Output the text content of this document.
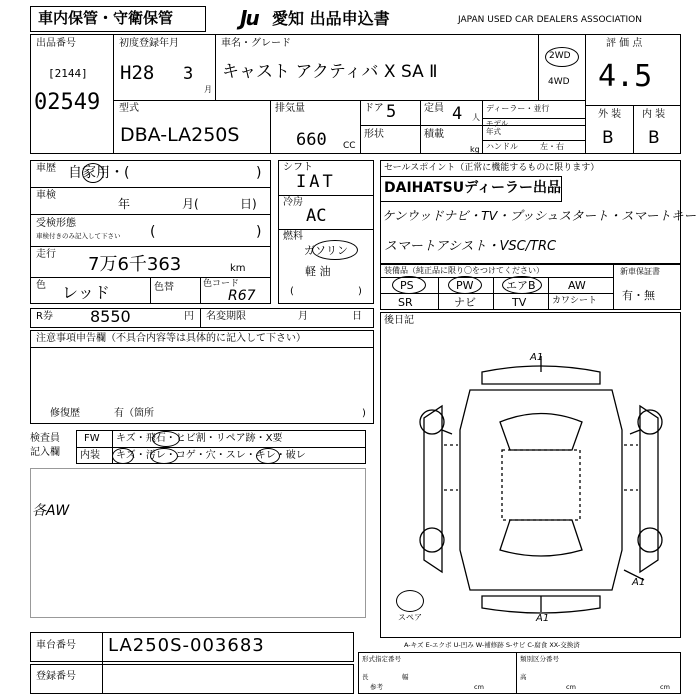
車内保管・守衛保管	Ju 愛知 出品申込書	JAPAN USED CAR DEALERS ASSOCIATION
出品番号
[2144]
02549
初度登録年月
H28 3
月
車名・グレード
キャスト アクティバ X SA Ⅱ
2WD
4WD
評 価 点
4.5
外 装 内 装
B B
型式
DBA-LA250S
排気量
660 CC
ドア 5	定員 4 人
形状	積載
kg
ディーラー・並行
モデル
年式
ハンドル	左・右
車歴 自家用・(	)
車検
年	月(	日)
受検形態
車検付きのみ記入して下さい (	)
走行 7万6千363	km
色 レッド	色替	色コード
R67
シフト
IAT
冷房
AC
燃料
ガソリン
軽 油
(	)
セールスポイント（正常に機能するものに限ります）
DAIHATSUディーラー出品
ケンウッドナビ・TV・プッシュスタート・スマートキー
スマートアシスト・VSC/TRC
装備品（純正品に限り〇をつけてください）
PS	PW	エアB	AW
SR	ナビ	TV	カワシート
新車保証書
有・無
R券 8550	円 名変期限	月	日
注意事項申告欄（不具合内容等は具体的に記入して下さい）
修復歴	有（箇所	)
後日記
A1
A1
A1
スペア
A-キズ E-エクボ U-凹み W-補修跡 S-サビ C-腐食 XX-交換済
検査員
記入欄
FW キズ・飛石・ヒビ割・リペア跡・X要
内装 キズ・汚レ・コゲ・穴・スレ・キレ・破レ
各AW
車台番号 LA250S-003683
登録番号
形式指定番号	類別区分番号
参考
長	幅	高
cm	cm	cm
